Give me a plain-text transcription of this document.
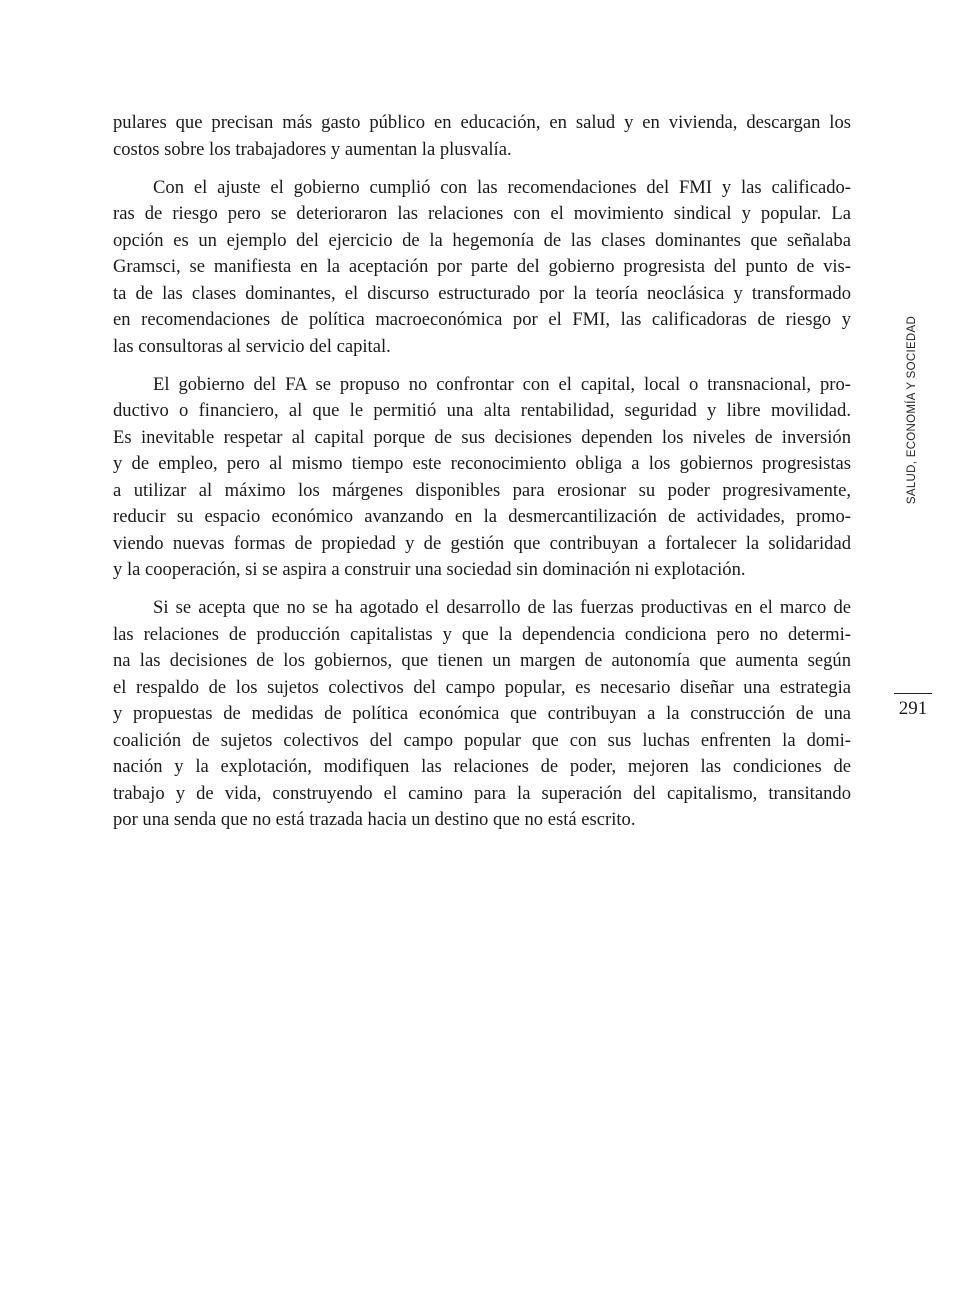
pulares que precisan más gasto público en educación, en salud y en vivienda, descargan los
costos sobre los trabajadores y aumentan la plusvalía.
Con el ajuste el gobierno cumplió con las recomendaciones del FMI y las calificado-
ras de riesgo pero se deterioraron las relaciones con el movimiento sindical y popular. La
opción es un ejemplo del ejercicio de la hegemonía de las clases dominantes que señalaba
Gramsci, se manifiesta en la aceptación por parte del gobierno progresista del punto de vis-
ta de las clases dominantes, el discurso estructurado por la teoría neoclásica y transformado
en recomendaciones de política macroeconómica por el FMI, las calificadoras de riesgo y
las consultoras al servicio del capital.
El gobierno del FA se propuso no confrontar con el capital, local o transnacional, pro-
ductivo o financiero, al que le permitió una alta rentabilidad, seguridad y libre movilidad.
Es inevitable respetar al capital porque de sus decisiones dependen los niveles de inversión
y de empleo, pero al mismo tiempo este reconocimiento obliga a los gobiernos progresistas
a utilizar al máximo los márgenes disponibles para erosionar su poder progresivamente,
reducir su espacio económico avanzando en la desmercantilización de actividades, promo-
viendo nuevas formas de propiedad y de gestión que contribuyan a fortalecer la solidaridad
y la cooperación, si se aspira a construir una sociedad sin dominación ni explotación.
Si se acepta que no se ha agotado el desarrollo de las fuerzas productivas en el marco de
las relaciones de producción capitalistas y que la dependencia condiciona pero no determi-
na las decisiones de los gobiernos, que tienen un margen de autonomía que aumenta según
el respaldo de los sujetos colectivos del campo popular, es necesario diseñar una estrategia
y propuestas de medidas de política económica que contribuyan a la construcción de una
coalición de sujetos colectivos del campo popular que con sus luchas enfrenten la domi-
nación y la explotación, modifiquen las relaciones de poder, mejoren las condiciones de
trabajo y de vida, construyendo el camino para la superación del capitalismo, transitando
por una senda que no está trazada hacia un destino que no está escrito.
SALUD, ECONOMÍA Y SOCIEDAD
291
